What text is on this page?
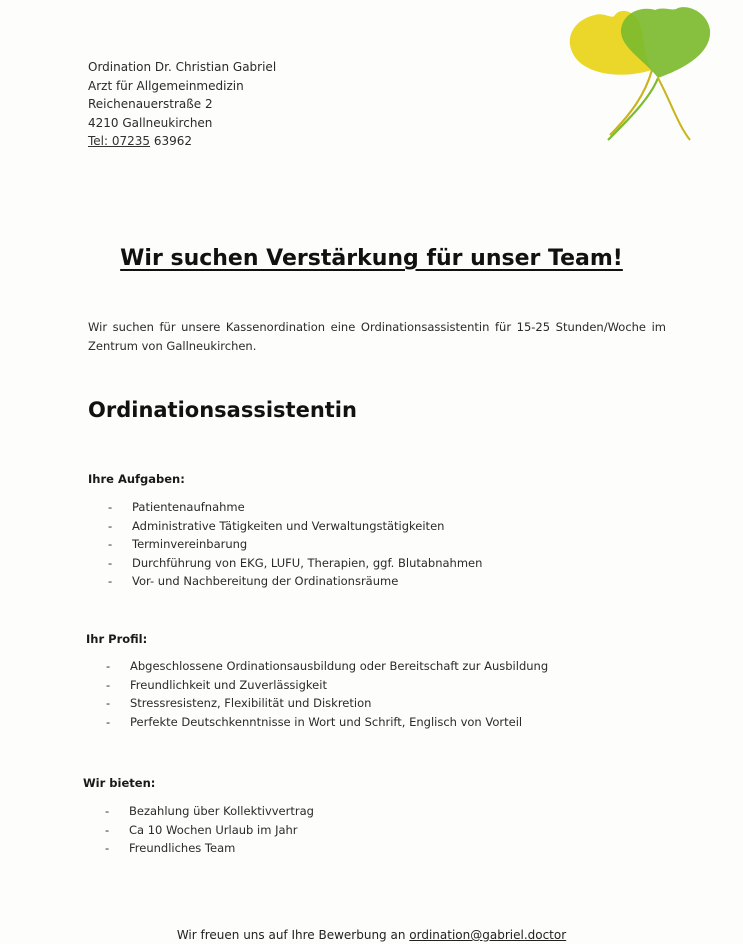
Ordination Dr. Christian Gabriel
Arzt für Allgemeinmedizin
Reichenauerstraße 2
4210 Gallneukirchen
Tel: 07235 63962
Wir suchen Verstärkung für unser Team!
Wir suchen für unsere Kassenordination eine Ordinationsassistentin für 15-25 Stunden/Woche im Zentrum von Gallneukirchen.
Ordinationsassistentin
Ihre Aufgaben:
- Patientenaufnahme
- Administrative Tätigkeiten und Verwaltungstätigkeiten
- Terminvereinbarung
- Durchführung von EKG, LUFU, Therapien, ggf. Blutabnahmen
- Vor- und Nachbereitung der Ordinationsräume
Ihr Profil:
- Abgeschlossene Ordinationsausbildung oder Bereitschaft zur Ausbildung
- Freundlichkeit und Zuverlässigkeit
- Stressresistenz, Flexibilität und Diskretion
- Perfekte Deutschkenntnisse in Wort und Schrift, Englisch von Vorteil
Wir bieten:
- Bezahlung über Kollektivvertrag
- Ca 10 Wochen Urlaub im Jahr
- Freundliches Team
Wir freuen uns auf Ihre Bewerbung an ordination@gabriel.doctor
